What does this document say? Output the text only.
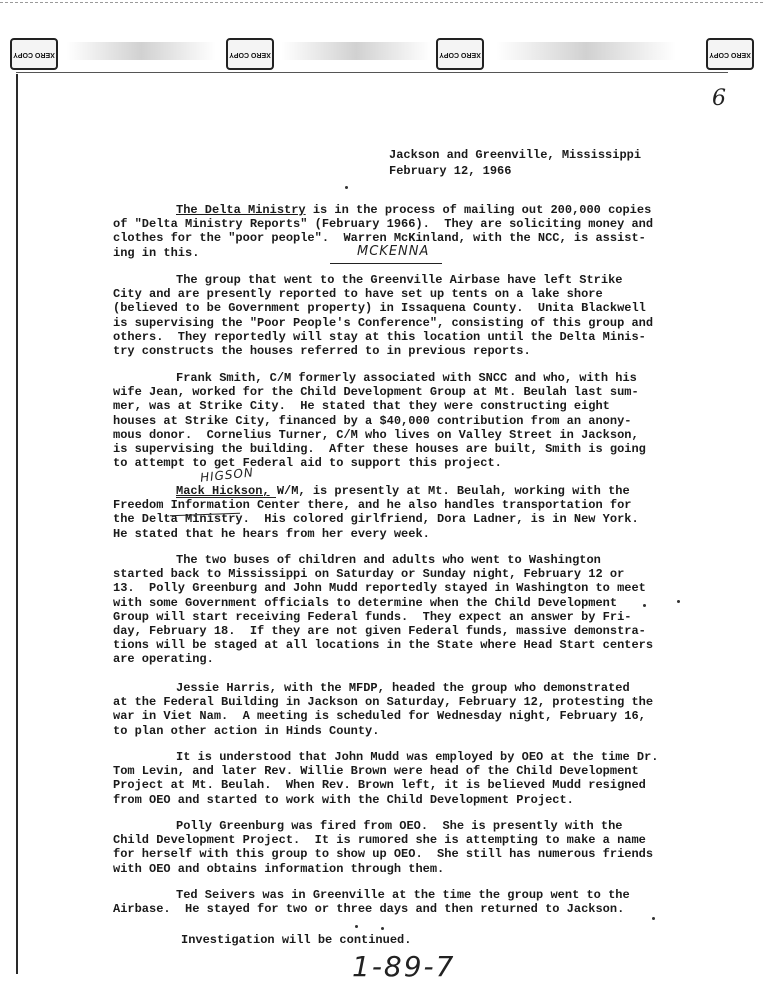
XERO COPY	XERO COPY	XERO COPY	XERO COPY
6
Jackson and Greenville, Mississippi
February 12, 1966
The Delta Ministry is in the process of mailing out 200,000 copies
of "Delta Ministry Reports" (February 1966).  They are soliciting money and
clothes for the "poor people".  Warren McKinland, with the NCC, is assist-
ing in this.
The group that went to the Greenville Airbase have left Strike
City and are presently reported to have set up tents on a lake shore
(believed to be Government property) in Issaquena County.  Unita Blackwell
is supervising the "Poor People's Conference", consisting of this group and
others.  They reportedly will stay at this location until the Delta Minis-
try constructs the houses referred to in previous reports.
Frank Smith, C/M formerly associated with SNCC and who, with his
wife Jean, worked for the Child Development Group at Mt. Beulah last sum-
mer, was at Strike City.  He stated that they were constructing eight
houses at Strike City, financed by a $40,000 contribution from an anony-
mous donor.  Cornelius Turner, C/M who lives on Valley Street in Jackson,
is supervising the building.  After these houses are built, Smith is going
to attempt to get Federal aid to support this project.
Mack Hickson, W/M, is presently at Mt. Beulah, working with the
Freedom Information Center there, and he also handles transportation for
the Delta Ministry.  His colored girlfriend, Dora Ladner, is in New York.
He stated that he hears from her every week.
The two buses of children and adults who went to Washington
started back to Mississippi on Saturday or Sunday night, February 12 or
13.  Polly Greenburg and John Mudd reportedly stayed in Washington to meet
with some Government officials to determine when the Child Development
Group will start receiving Federal funds.  They expect an answer by Fri-
day, February 18.  If they are not given Federal funds, massive demonstra-
tions will be staged at all locations in the State where Head Start centers
are operating.
Jessie Harris, with the MFDP, headed the group who demonstrated
at the Federal Building in Jackson on Saturday, February 12, protesting the
war in Viet Nam.  A meeting is scheduled for Wednesday night, February 16,
to plan other action in Hinds County.
It is understood that John Mudd was employed by OEO at the time Dr.
Tom Levin, and later Rev. Willie Brown were head of the Child Development
Project at Mt. Beulah.  When Rev. Brown left, it is believed Mudd resigned
from OEO and started to work with the Child Development Project.
Polly Greenburg was fired from OEO.  She is presently with the
Child Development Project.  It is rumored she is attempting to make a name
for herself with this group to show up OEO.  She still has numerous friends
with OEO and obtains information through them.
Ted Seivers was in Greenville at the time the group went to the
Airbase.  He stayed for two or three days and then returned to Jackson.
Investigation will be continued.
MCKENNA
HIGSON
1-89-7
